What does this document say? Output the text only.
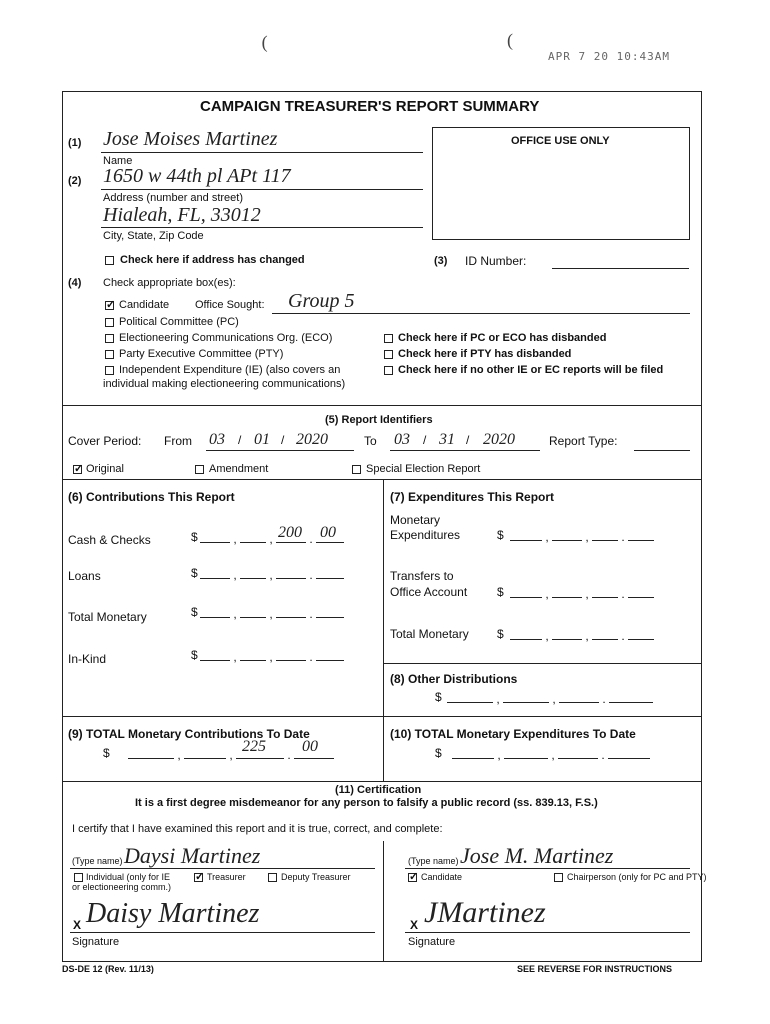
APR 7 20 10:43AM
 (	( 
CAMPAIGN TREASURER'S REPORT SUMMARY
OFFICE USE ONLY
(1) Jose Moises Martinez
Name
(2) 1650 w 44th pl APt 117
Address (number and street)
Hialeah, FL, 33012
City, State, Zip Code
Check here if address has changed	(3) ID Number:
(4) Check appropriate box(es):
✓ Candidate Office Sought: Group 5
Political Committee (PC)
Electioneering Communications Org. (ECO)
Party Executive Committee (PTY)
Independent Expenditure (IE) (also covers an
individual making electioneering communications)
Check here if PC or ECO has disbanded
Check here if PTY has disbanded
Check here if no other IE or EC reports will be filed
(5) Report Identifiers
Cover Period: From 03 / 01 / 2020	To 03 / 31 / 2020	Report Type:
✓ Original	Amendment	Special Election Report
(6) Contributions This Report
Cash & Checks	$	,  , 200 . 00
Loans	$	,  ,	.
Total Monetary	$	,  ,	.
In-Kind	$	,  ,	.
(7) Expenditures This Report
Monetary
Expenditures	$	,	,  .
Transfers to
Office Account $	,	,  .
Total Monetary $	,	,  .
(8) Other Distributions
$	,	,	.
(9) TOTAL Monetary Contributions To Date
$	,	, 225 . 00
(10) TOTAL Monetary Expenditures To Date
$	,	,	.
(11) Certification
It is a first degree misdemeanor for any person to falsify a public record (ss. 839.13, F.S.)
I certify that I have examined this report and it is true, correct, and complete:
(Type name) Daysi Martinez
Individual (only for IE
or electioneering comm.)
✓ Treasurer	Deputy Treasurer
X Daisy Martinez
Signature
(Type name) Jose M. Martinez
✓ Candidate	Chairperson (only for PC and PTY)
X JMartinez
Signature
DS-DE 12 (Rev. 11/13)	SEE REVERSE FOR INSTRUCTIONS
